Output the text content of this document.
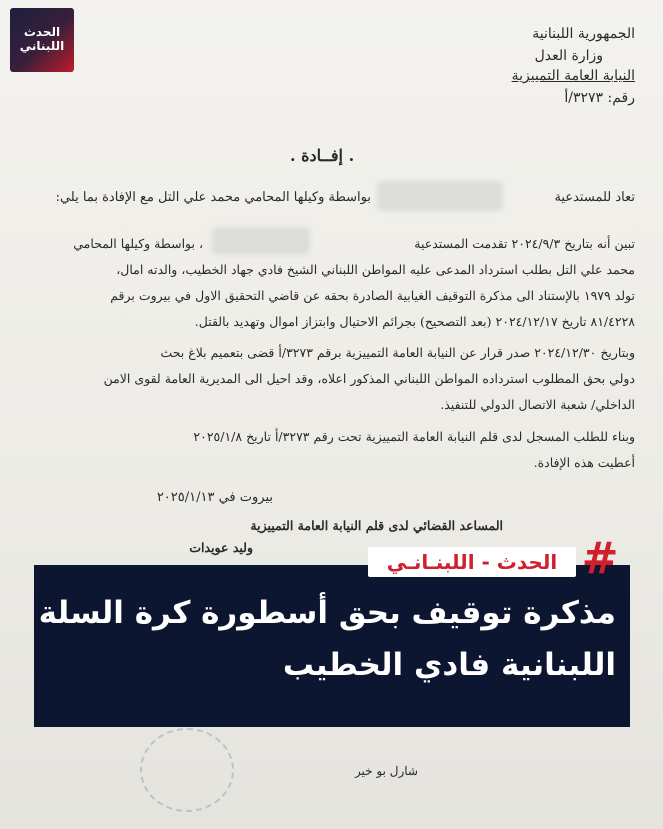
الحدث
اللبناني
الجمهورية اللبنانية
وزارة العدل
النيابة العامة التمييزية
رقم: ٣٢٧٣/أ
. إفــادة .
تعاد للمستدعية
بواسطة وكيلها المحامي محمد علي التل مع الإفادة بما يلي:
تبين أنه بتاريخ ٢٠٢٤/٩/٣ تقدمت المستدعية
، بواسطة وكيلها المحامي
محمد علي التل بطلب استرداد المدعى عليه المواطن اللبناني الشيخ فادي جهاد الخطيب، والدته امال،
تولد ١٩٧٩ بالإستناد الى مذكرة التوقيف الغيابية الصادرة بحقه عن قاضي التحقيق الاول في بيروت برقم
٨١/٤٢٢٨ تاريخ ٢٠٢٤/١٢/١٧ (بعد التصحيح) بجرائم الاحتيال وابتزاز اموال وتهديد بالقتل.
وبتاريخ ٢٠٢٤/١٢/٣٠ صدر قرار عن النيابة العامة التمييزية برقم ٣٢٧٣/أ قضى بتعميم بلاغ بحث
دولي بحق المطلوب استرداده المواطن اللبناني المذكور اعلاه، وقد احيل الى المديرية العامة لقوى الامن
الداخلي/ شعبة الاتصال الدولي للتنفيذ.
وبناء للطلب المسجل لدى قلم النيابة العامة التمييزية تحت رقم ٣٢٧٣/أ تاريخ ٢٠٢٥/١/٨
أعطيت هذه الإفادة.
بيروت في ٢٠٢٥/١/١٣
المساعد القضائي لدى قلم النيابة العامة التمييزية
وليد عويدات
شارل بو خير
مذكرة توقيف بحق أسطورة كرة السلة
اللبنانية فادي الخطيب
الحدث - اللبنـانـي #
